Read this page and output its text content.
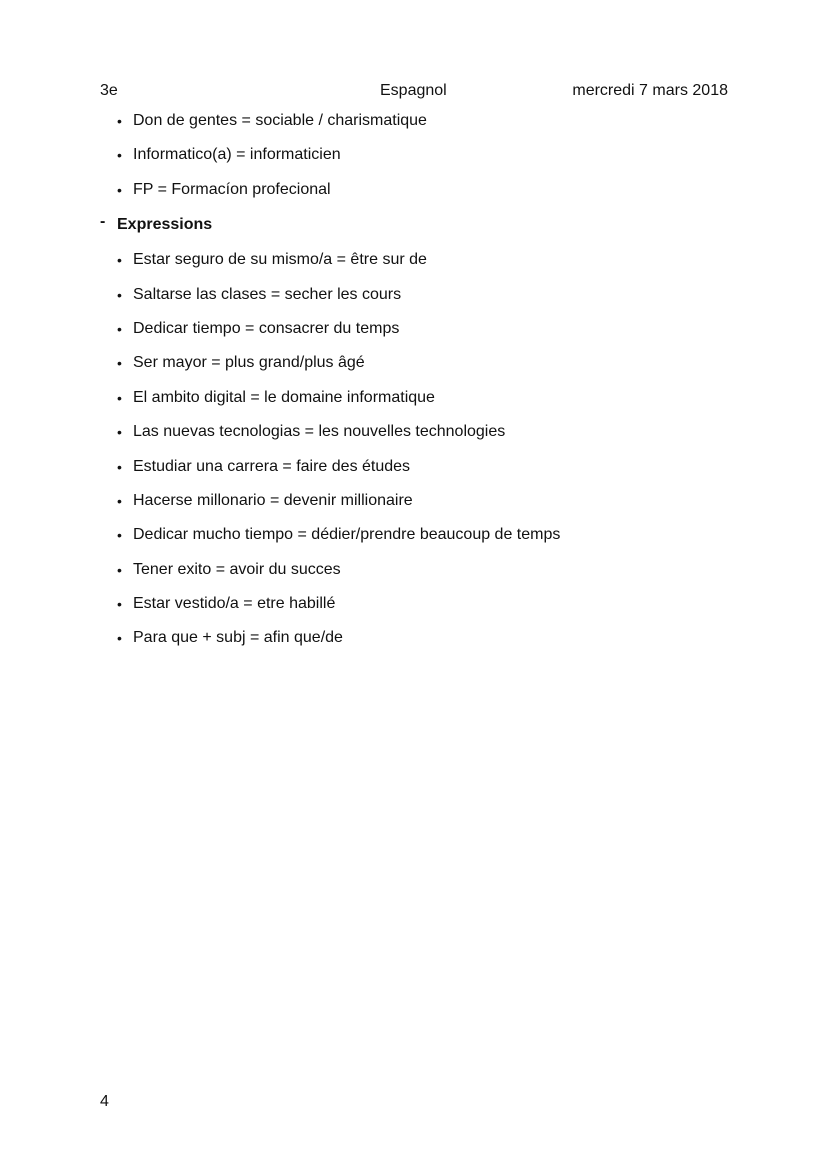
3e	Espagnol	mercredi 7 mars 2018
• Don de gentes = sociable / charismatique
• Informatico(a) = informaticien
• FP = Formacíon profecional
- Expressions
• Estar seguro de su mismo/a = être sur de
• Saltarse las clases = secher les cours
• Dedicar tiempo = consacrer du temps
• Ser mayor = plus grand/plus âgé
• El ambito digital = le domaine informatique
• Las nuevas tecnologias = les nouvelles technologies
• Estudiar una carrera = faire des études
• Hacerse millonario = devenir millionaire
• Dedicar mucho tiempo = dédier/prendre beaucoup de temps
• Tener exito = avoir du succes
• Estar vestido/a = etre habillé
• Para que + subj = afin que/de
4
